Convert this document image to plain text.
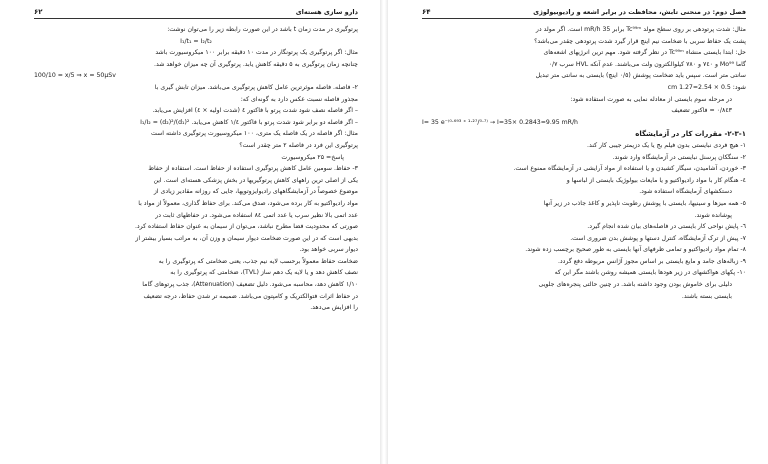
دارو سازی هسته‌ای
۶۲

پرتوگیری در مدت زمان t باشد در این صورت رابطه زیر را می‌توان نوشت:

I₁/t₁ = I₂/t₂

مثال: اگر پرتوگیری یک پرتونگار در مدت ۱۰ دقیقه برابر ۱۰۰ میکروسیورت باشد

چنانچه زمان پرتوگیری به ۵ دقیقه کاهش یابد. پرتوگیری آن چه میزان خواهد شد.

100/10 = x/5 ⇒ x = 50µSv

۲- فاصله. فاصله موثرترین عامل کاهش پرتوگیری می‌باشد. میزان تابش گیری با

مجذور فاصله نسبت عکس دارد به گونه‌ای که:

– اگر فاصله نصف شود شدت پرتو با فاکتور ٤ (شدت اولیه × ٤) افزایش می‌یابد.

– اگر فاصله دو برابر شود شدت پرتو با فاکتور ١/٤ کاهش می‌یابد. I₁/I₂ = (d₂)²/(d₁)²

مثال: اگر فاصله در یک فاصله یک متری، ۱۰۰ میکروسیورت پرتوگیری داشته است

پرتوگیری این فرد در فاصله ۲ متر چقدر است؟

پاسخ= ۲۵ میکروسیورت

۳- حفاظ. سومین عامل کاهش پرتوگیری استفاده از حفاظ است. استفاده از حفاظ

یکی از اصلی ترین راههای کاهش پرتوگیریها در بخش پزشکی هسته‌ای است. این

موضوع خصوصاً در آزمایشگاههای رادیوایزوتوپها، جایی که روزانه مقادیر زیادی از

مواد رادیواکتیو به کار برده می‌شود، صدق می‌کند. برای حفاظ گذاری، معمولاً از مواد با

عدد اتمی بالا نظیر سرب یا عدد اتمی ٨٤ استفاده می‌شود. در حفاظهای ثابت در

صورتی که محدودیت فضا مطرح نباشد، می‌توان از سیمان به عنوان حفاظ استفاده کرد.

بدیهی است که در این صورت ضخامت دیوار سیمان و وزن آن، به مراتب بسیار بیشتر از

دیوار سربی خواهد بود.

ضخامت حفاظ معمولاً برحسب لایه نیم جذب، یعنی ضخامتی که پرتوگیری را به

نصف کاهش دهد و یا لایه یک دهم ساز (TVL)، ضخامتی که پرتوگیری را به

۱/۱۰ کاهش دهد، محاسبه می‌شود. دلیل تضعیف (Attenuation)، جذب پرتوهای گاما

در حفاظ اثرات فتوالکتریک و کامپتون می‌باشد. ضمیمه تر شدن حفاظ، درجه تضعیف

را افزایش می‌دهد.

فصل دوم: در منحنی تابش، محافظت در برابر اشعه و رادیوبیولوژی
۶۴

مثال: شدت پرتودهی بر روی سطح مولد Tc⁹⁹ᵐ برابر 35 mR/h است. اگر مولد در

پشت یک حفاظ سربی با ضخامت نیم اینچ قرار گیرد شدت پرتودهی چقدر می‌باشد؟

حل: ابتدا بایستی منشاء Tc⁹⁹ᵐ در نظر گرفته شود. مهم ترین انرژیهای اشعه‌های

گاما Mo⁹⁹ و ٧٤٠ و ٧٨٠ کیلوالکترون ولت می‌باشند. عدم آنکه HVL سرب ٠/٧

سانتی متر است. سپس باید ضخامت پوشش (٠/٥ اینچ) بایستی به سانتی متر تبدیل

شود: 0.5 × 2.54=1.27 cm

در مرحله سوم بایستی از معادله نمایی به صورت استفاده شود:

٠/٨٤٣ = فاکتور تضعیف

I= 35 e⁻⁽⁰·⁶⁹³ ˣ ¹·²⁷/⁰·⁷⁾ → I=35× 0.2843=9.95 mR/h

۲-۳-۱- مقررات کار در آزمایشگاه

۱- هیچ فردی نبایستی بدون فیلم بج یا یک دزیمتر جیبی کار کند.

۲- سنگکان پرسنل نبایستی در آزمایشگاه وارد شوند.

۳- خوردن، آشامیدن، سیگار کشیدن و یا استفاده از مواد آرایشی در آزمایشگاه ممنوع است.

٤- هنگام کار با مواد رادیواکتیو و یا مایعات بیولوژیک بایستی از لباسها و

دستکشهای آزمایشگاه استفاده شود.

٥- همه میزها و سینیها، بایستی با پوشش رطوبت ناپذیر و کاغذ جاذب در زیر آنها

پوشانده شوند.

٦- پایش نواحی کار بایستی در فاصله‌های بیان شده انجام گیرد.

٧- پیش از ترک آزمایشگاه، کنترل دستها و پوشش بدن ضروری است.

٨- تمام مواد رادیواکتیو و تمامی ظرفهای آنها بایستی به طور صحیح برچسب زده شوند.

٩- زباله‌های جامد و مایع بایستی بر اساس مجوز آژانس مربوطه دفع گردد.

١٠- پکهای هواکشهای در زیر هودها بایستی همیشه روشن باشند مگر این که

دلیلی برای خاموش بودن وجود داشته باشد. در چنین حالتی پنجره‌های جلویی

بایستی بسته باشند.
